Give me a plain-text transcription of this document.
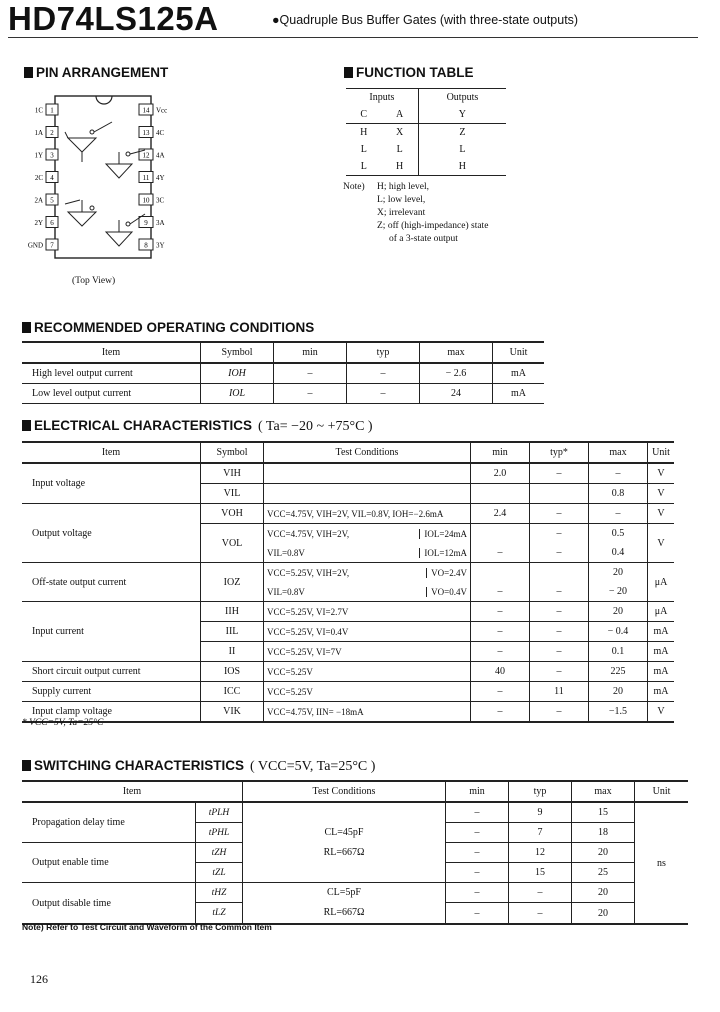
HD74LS125A	●Quadruple Bus Buffer Gates (with three-state outputs)
PIN ARRANGEMENT
1
1C
2
1A
3
1Y
4
2C
5
2A
6
2Y
7
GND
14 Vcc
13 4C
12 4A
11 4Y
10 3C
9 3A
8 3Y
(Top View)
FUNCTION TABLE
Inputs		Outputs
C	A	Y
H	X	Z
L	L	L
L	H	H
Note) H; high level,
L; low level,
X; irrelevant
Z; off (high-impedance) state
of a 3-state output
RECOMMENDED OPERATING CONDITIONS
Item	Symbol	min	typ	max	Unit
High level output current	IOH	–	–	− 2.6	mA
Low level output current	IOL	–	–	24	mA
ELECTRICAL CHARACTERISTICS ( Ta= −20 ~ +75°C )
Item	Symbol	Test Conditions	min	typ*	max	Unit
Input voltage	VIH		2.0	–	–	V
	VIL				0.8	V
Output voltage	VOH	VCC=4.75V, VIH=2V, VIL=0.8V, IOH=−2.6mA	2.4	–	–	V
	VOL	VCC=4.75V, VIH=2V, IOL=24mA		–	0.5	V
		VIL=0.8V IOL=12mA	–	–	0.4	
Off-state output current	IOZ	VCC=5.25V, VIH=2V, VO=2.4V			20	μA
		VIL=0.8V VO=0.4V	–	–	− 20	
Input current	IIH	VCC=5.25V, VI=2.7V	–	–	20	μA
	IIL	VCC=5.25V, VI=0.4V	–	–	− 0.4	mA
	II	VCC=5.25V, VI=7V	–	–	0.1	mA
Short circuit output current	IOS	VCC=5.25V	40	–	225	mA
Supply current	ICC	VCC=5.25V	–	11	20	mA
Input clamp voltage	VIK	VCC=4.75V, IIN= −18mA	–	–	−1.5	V
* VCC=5V, Ta=25°C
SWITCHING CHARACTERISTICS ( VCC=5V, Ta=25°C )
Item		Test Conditions	min	typ	max	Unit
Propagation delay time	tPLH	CL=45pF
RL=667Ω	–	9	15	ns
	tPHL		–	7	18	
Output enable time	tZH		–	12	20	
	tZL		–	15	25	
Output disable time	tHZ	CL=5pF
RL=667Ω	–	–	20	
	tLZ		–	–	20	
Note) Refer to Test Circuit and Waveform of the Common Item
126
